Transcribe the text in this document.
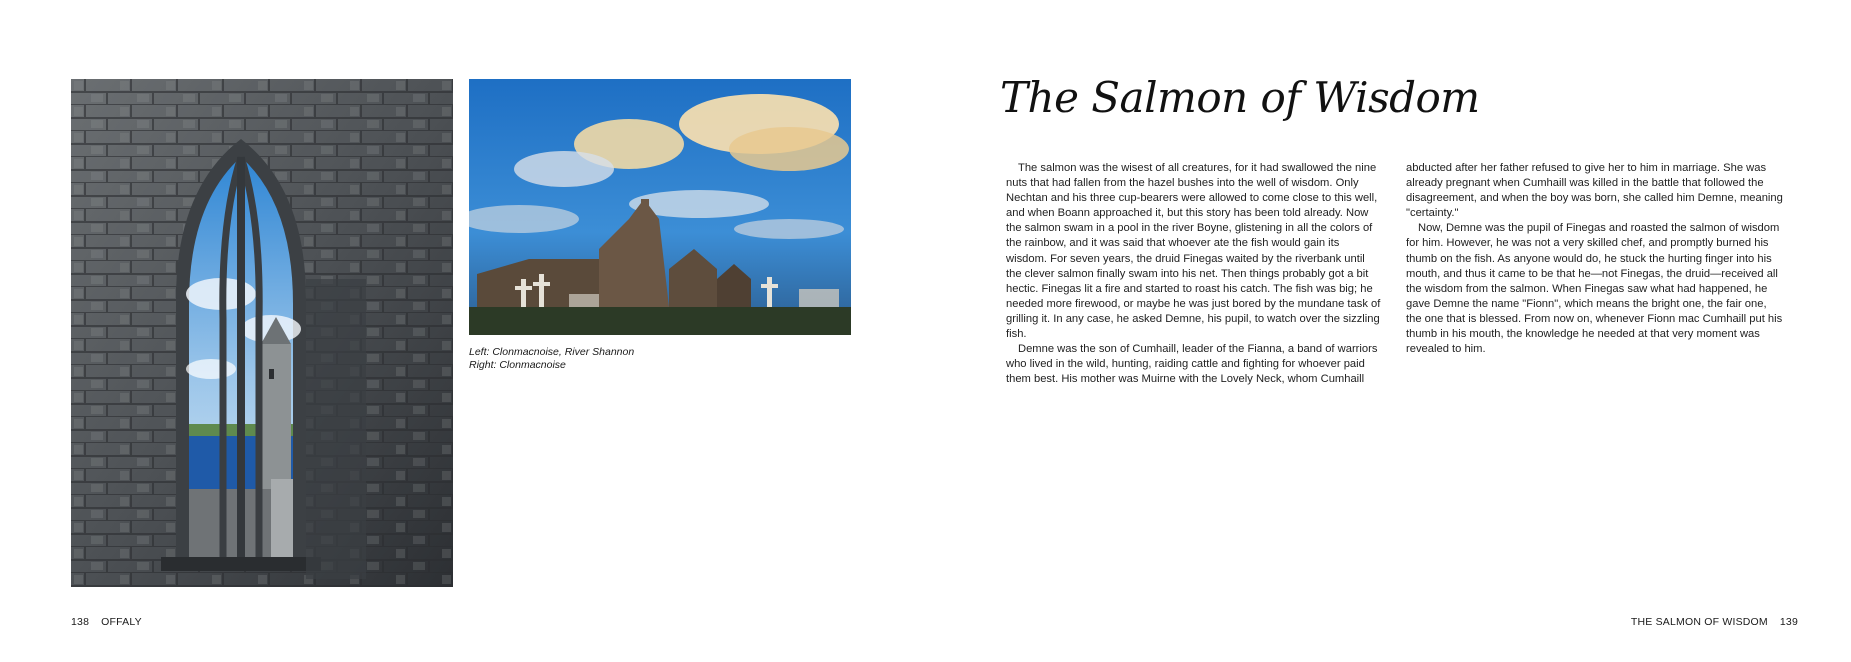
Left: Clonmacnoise, River Shannon
Right: Clonmacnoise
138 OFFALY
The Salmon of Wisdom

The salmon was the wisest of all creatures, for it had swallowed the nine nuts that had fallen from the hazel bushes into the well of wisdom. Only Nechtan and his three cup-bearers were allowed to come close to this well, and when Boann approached it, but this story has been told already. Now the salmon swam in a pool in the river Boyne, glistening in all the colors of the rainbow, and it was said that whoever ate the fish would gain its wisdom. For seven years, the druid Finegas waited by the riverbank until the clever salmon finally swam into his net. Then things probably got a bit hectic. Finegas lit a fire and started to roast his catch. The fish was big; he needed more firewood, or maybe he was just bored by the mundane task of grilling it. In any case, he asked Demne, his pupil, to watch over the sizzling fish.

Demne was the son of Cumhaill, leader of the Fianna, a band of warriors who lived in the wild, hunting, raiding cattle and fighting for whoever paid them best. His mother was Muirne with the Lovely Neck, whom Cumhaill

abducted after her father refused to give her to him in marriage. She was already pregnant when Cumhaill was killed in the battle that followed the disagreement, and when the boy was born, she called him Demne, meaning "certainty."

Now, Demne was the pupil of Finegas and roasted the salmon of wisdom for him. However, he was not a very skilled chef, and promptly burned his thumb on the fish. As anyone would do, he stuck the hurting finger into his mouth, and thus it came to be that he—not Finegas, the druid—received all the wisdom from the salmon. When Finegas saw what had happened, he gave Demne the name "Fionn", which means the bright one, the fair one, the one that is blessed. From now on, whenever Fionn mac Cumhaill put his thumb in his mouth, the knowledge he needed at that very moment was revealed to him.

THE SALMON OF WISDOM 139
